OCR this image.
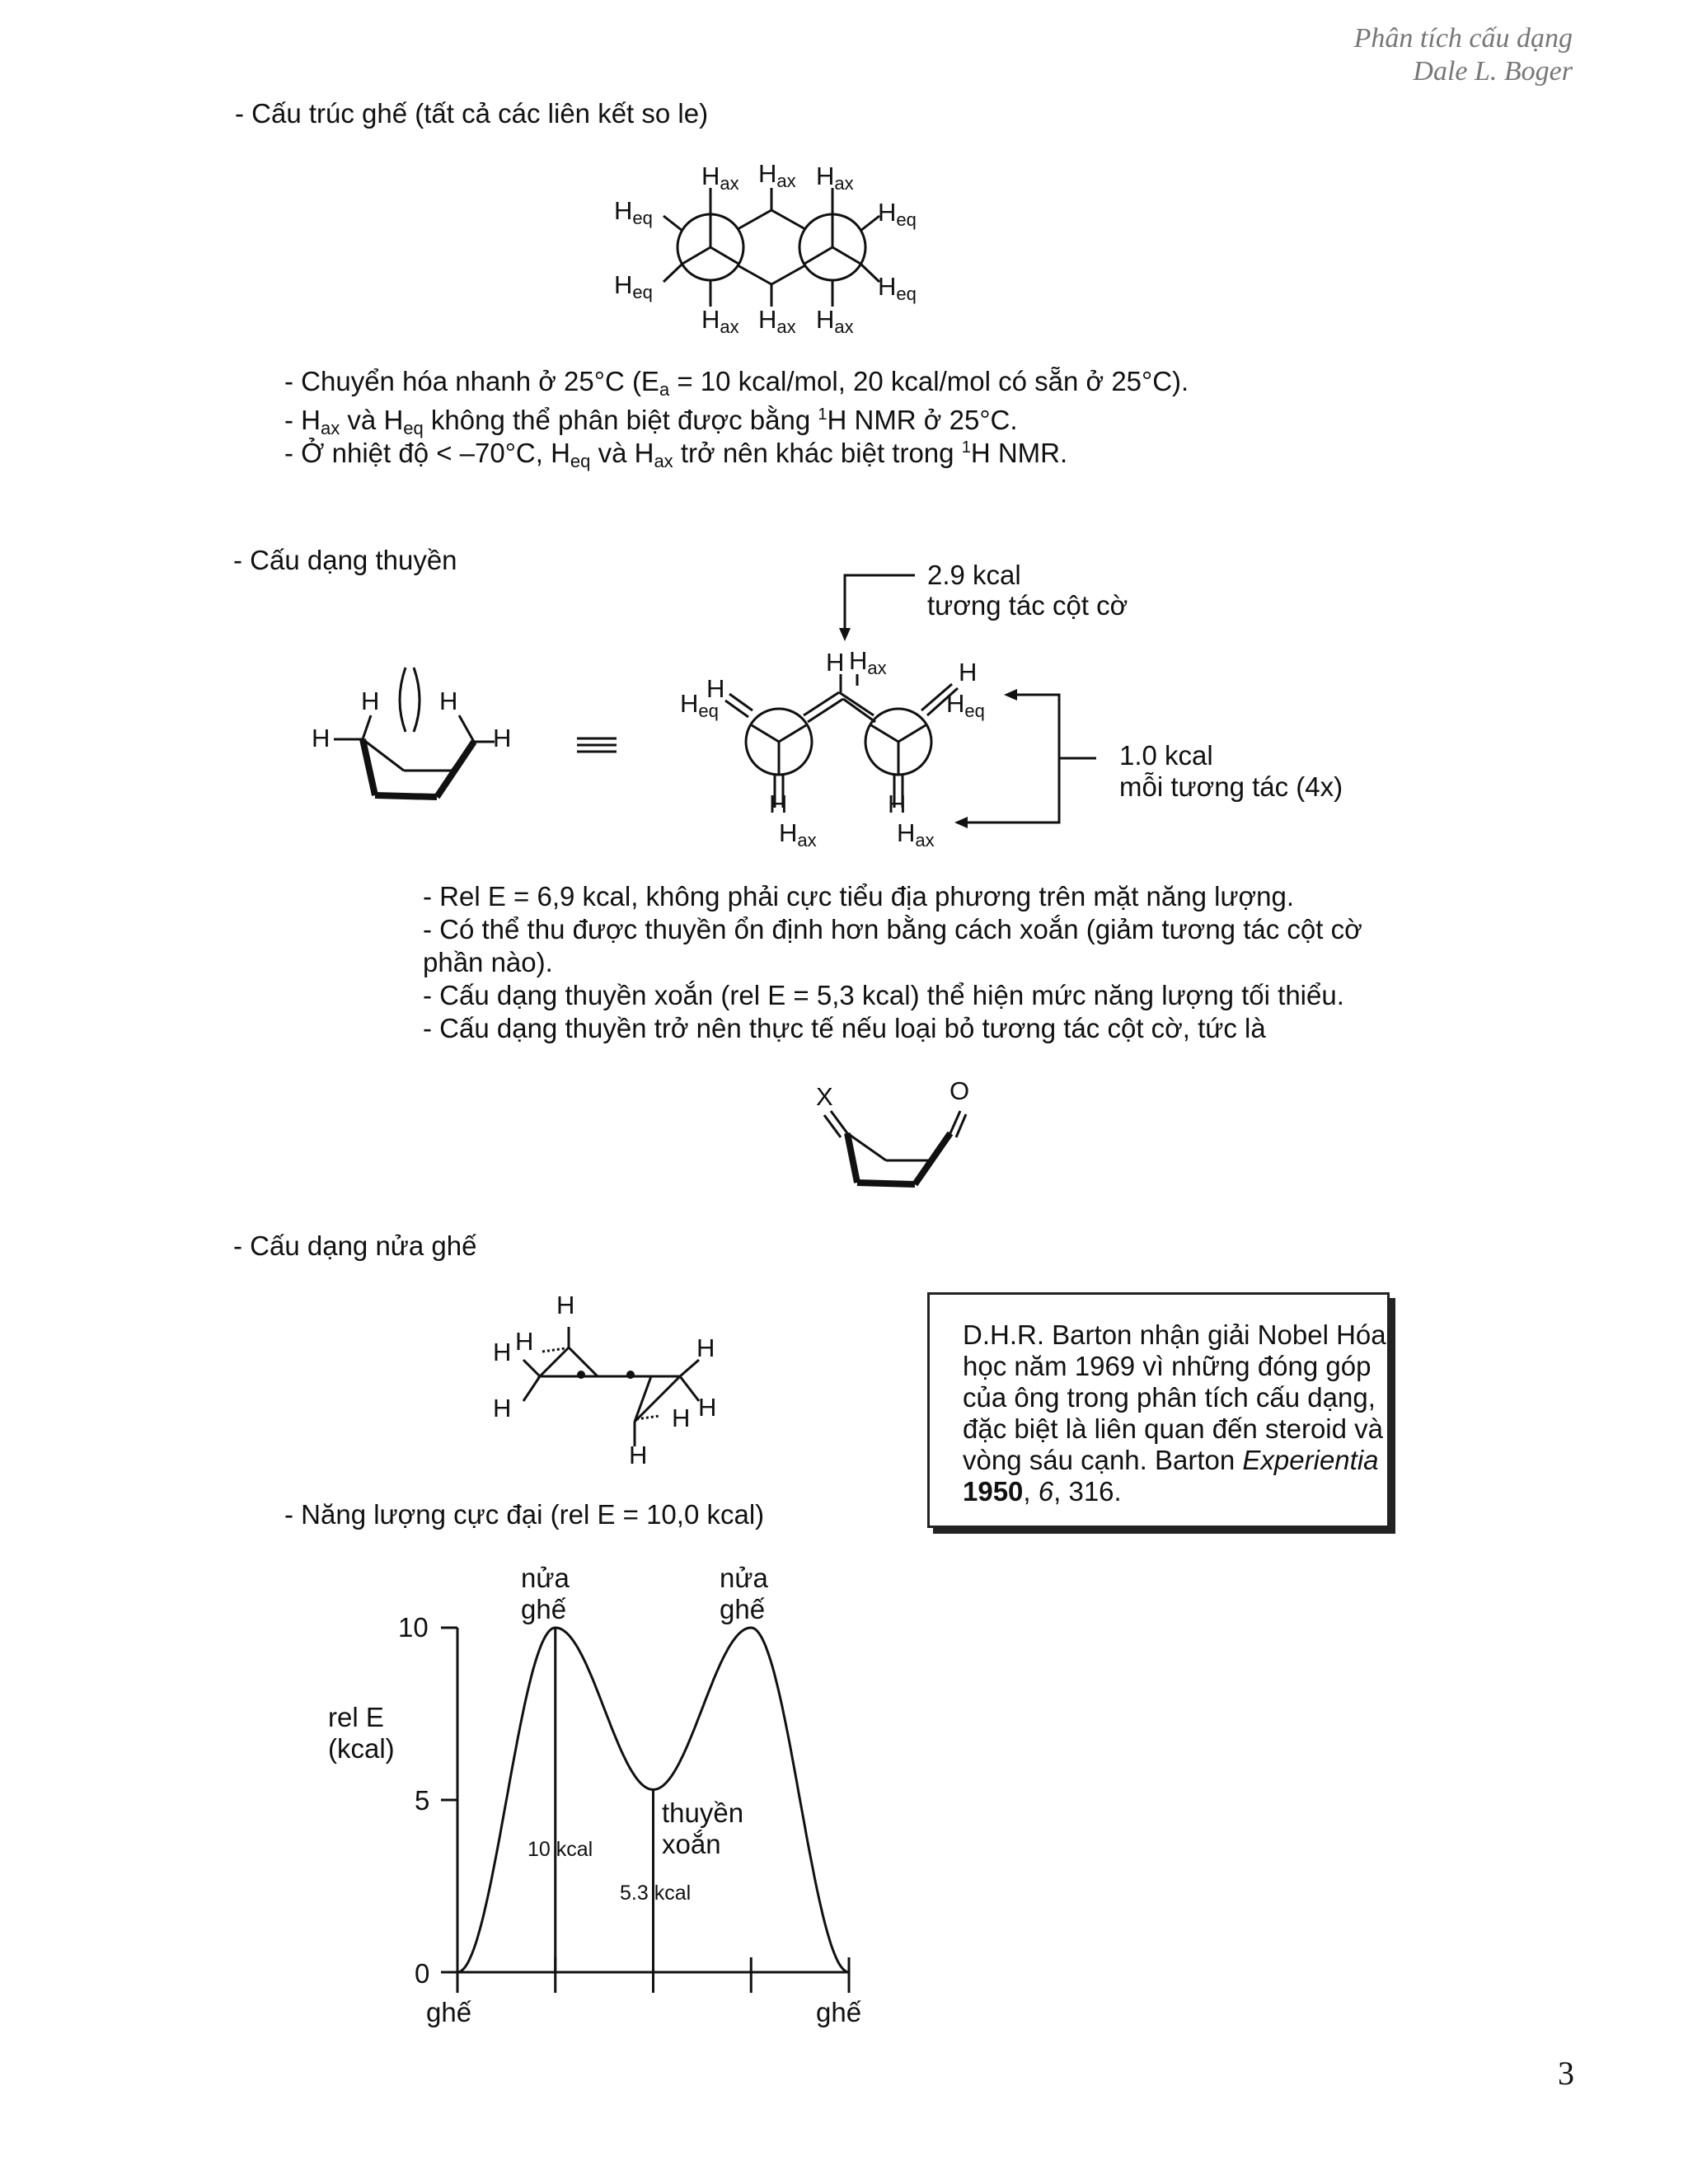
Phân tích cấu dạng
Dale L. Boger
- Cấu trúc ghế (tất cả các liên kết so le)
$H_{ax}$ $H_{ax}$ $H_{ax}$
$H_{eq}$	$H_{eq}$
$H_{eq}$	$H_{eq}$
$H_{ax}$ $H_{ax}$ $H_{ax}$
- Chuyển hóa nhanh ở 25°C ($E_a = 10$ kcal/mol, 20 kcal/mol có sẵn ở 25°C).
- $H_{ax}$ và $H_{eq}$ không thể phân biệt được bằng $^1$H NMR ở 25°C.
- Ở nhiệt độ < –70°C, $H_{eq}$ và $H_{ax}$ trở nên khác biệt trong $^1$H NMR.
- Cấu dạng thuyền
H H
H	H
H
$H_{eq}$
H $H_{ax}$	H
$H_{eq}$
H
$H_{ax}$
H
$H_{ax}$
2.9 kcal
tương tác cột cờ
1.0 kcal
mỗi tương tác (4x)
- Rel E = 6,9 kcal, không phải cực tiểu địa phương trên mặt năng lượng.
- Có thể thu được thuyền ổn định hơn bằng cách xoắn (giảm tương tác cột cờ
phần nào).
- Cấu dạng thuyền xoắn (rel E = 5,3 kcal) thể hiện mức năng lượng tối thiểu.
- Cấu dạng thuyền trở nên thực tế nếu loại bỏ tương tác cột cờ, tức là
X	O
- Cấu dạng nửa ghế
H
H H
H
H
H H
H
- Năng lượng cực đại (rel E = 10,0 kcal)
D.H.R. Barton nhận giải Nobel Hóa học năm 1969 vì những đóng góp của ông trong phân tích cấu dạng, đặc biệt là liên quan đến steroid và vòng sáu cạnh. Barton Experientia 1950, 6, 316.
rel E (kcal)
10
5
0
ghế	ghế
nửa
ghế
nửa
ghế
thuyền
xoắn
10 kcal
5.3 kcal
3
